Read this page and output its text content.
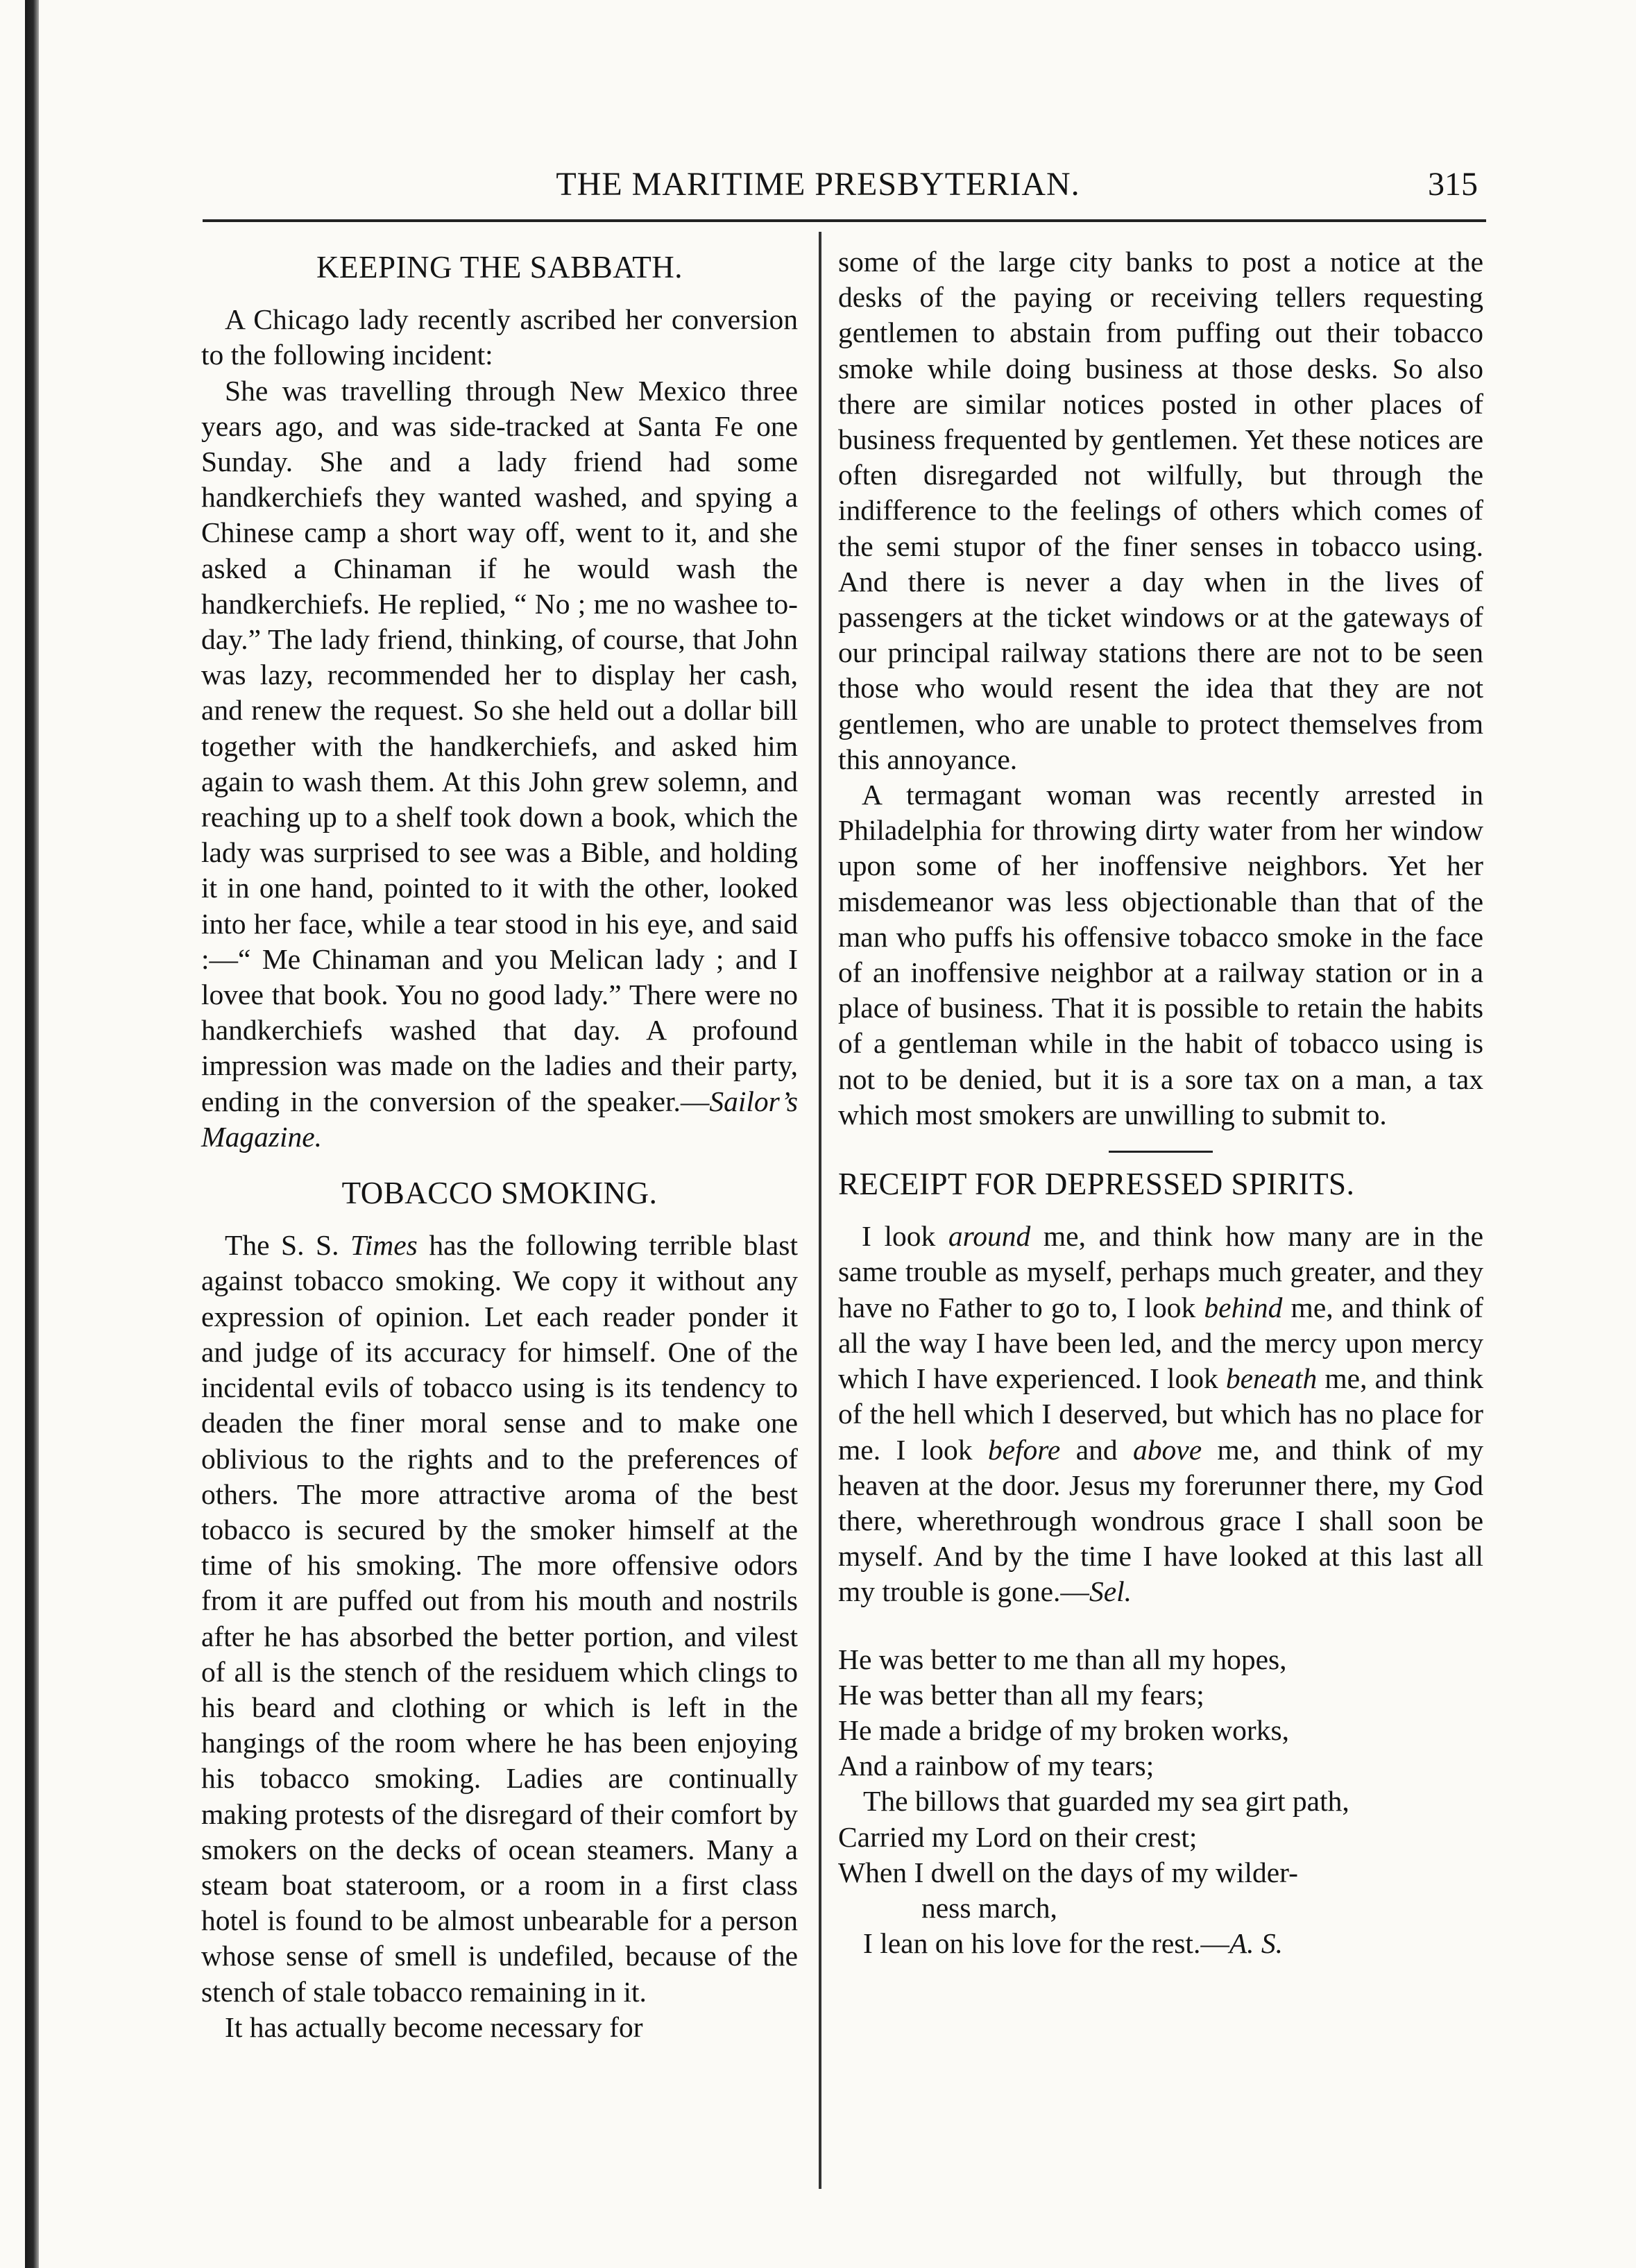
THE MARITIME PRESBYTERIAN.	315
KEEPING THE SABBATH.

A Chicago lady recently ascribed her conversion to the following incident:

She was travelling through New Mexico three years ago, and was side-tracked at Santa Fe one Sunday. She and a lady friend had some handkerchiefs they wanted washed, and spying a Chinese camp a short way off, went to it, and she asked a Chinaman if he would wash the handkerchiefs. He replied, “ No ; me no washee to-day.” The lady friend, thinking, of course, that John was lazy, recommended her to display her cash, and renew the request. So she held out a dollar bill together with the handkerchiefs, and asked him again to wash them. At this John grew solemn, and reaching up to a shelf took down a book, which the lady was surprised to see was a Bible, and holding it in one hand, pointed to it with the other, looked into her face, while a tear stood in his eye, and said :—“ Me Chinaman and you Melican lady ; and I lovee that book. You no good lady.” There were no handkerchiefs washed that day. A profound impression was made on the ladies and their party, ending in the conversion of the speaker.—Sailor’s Magazine.

TOBACCO SMOKING.

The S. S. Times has the following terrible blast against tobacco smoking. We copy it without any expression of opinion. Let each reader ponder it and judge of its accuracy for himself. One of the incidental evils of tobacco using is its tendency to deaden the finer moral sense and to make one oblivious to the rights and to the preferences of others. The more attractive aroma of the best tobacco is secured by the smoker himself at the time of his smoking. The more offensive odors from it are puffed out from his mouth and nostrils after he has absorbed the better portion, and vilest of all is the stench of the residuem which clings to his beard and clothing or which is left in the hangings of the room where he has been enjoying his tobacco smoking. Ladies are continually making protests of the disregard of their comfort by smokers on the decks of ocean steamers. Many a steam boat stateroom, or a room in a first class hotel is found to be almost unbearable for a person whose sense of smell is undefiled, because of the stench of stale tobacco remaining in it.

It has actually become necessary for

some of the large city banks to post a notice at the desks of the paying or receiving tellers requesting gentlemen to abstain from puffing out their tobacco smoke while doing business at those desks. So also there are similar notices posted in other places of business frequented by gentlemen. Yet these notices are often disregarded not wilfully, but through the indifference to the feelings of others which comes of the semi stupor of the finer senses in tobacco using. And there is never a day when in the lives of passengers at the ticket windows or at the gateways of our principal railway stations there are not to be seen those who would resent the idea that they are not gentlemen, who are unable to protect themselves from this annoyance.

A termagant woman was recently arrested in Philadelphia for throwing dirty water from her window upon some of her inoffensive neighbors. Yet her misdemeanor was less objectionable than that of the man who puffs his offensive tobacco smoke in the face of an inoffensive neighbor at a railway station or in a place of business. That it is possible to retain the habits of a gentleman while in the habit of tobacco using is not to be denied, but it is a sore tax on a man, a tax which most smokers are unwilling to submit to.

RECEIPT FOR DEPRESSED SPIRITS.

I look around me, and think how many are in the same trouble as myself, perhaps much greater, and they have no Father to go to, I look behind me, and think of all the way I have been led, and the mercy upon mercy which I have experienced. I look beneath me, and think of the hell which I deserved, but which has no place for me. I look before and above me, and think of my heaven at the door. Jesus my forerunner there, my God there, wherethrough wondrous grace I shall soon be myself. And by the time I have looked at this last all my trouble is gone.—Sel.

He was better to me than all my hopes,
He was better than all my fears;
He made a bridge of my broken works,
And a rainbow of my tears;
The billows that guarded my sea girt path,
Carried my Lord on their crest;
When I dwell on the days of my wilder-
ness march,
I lean on his love for the rest.—A. S.
